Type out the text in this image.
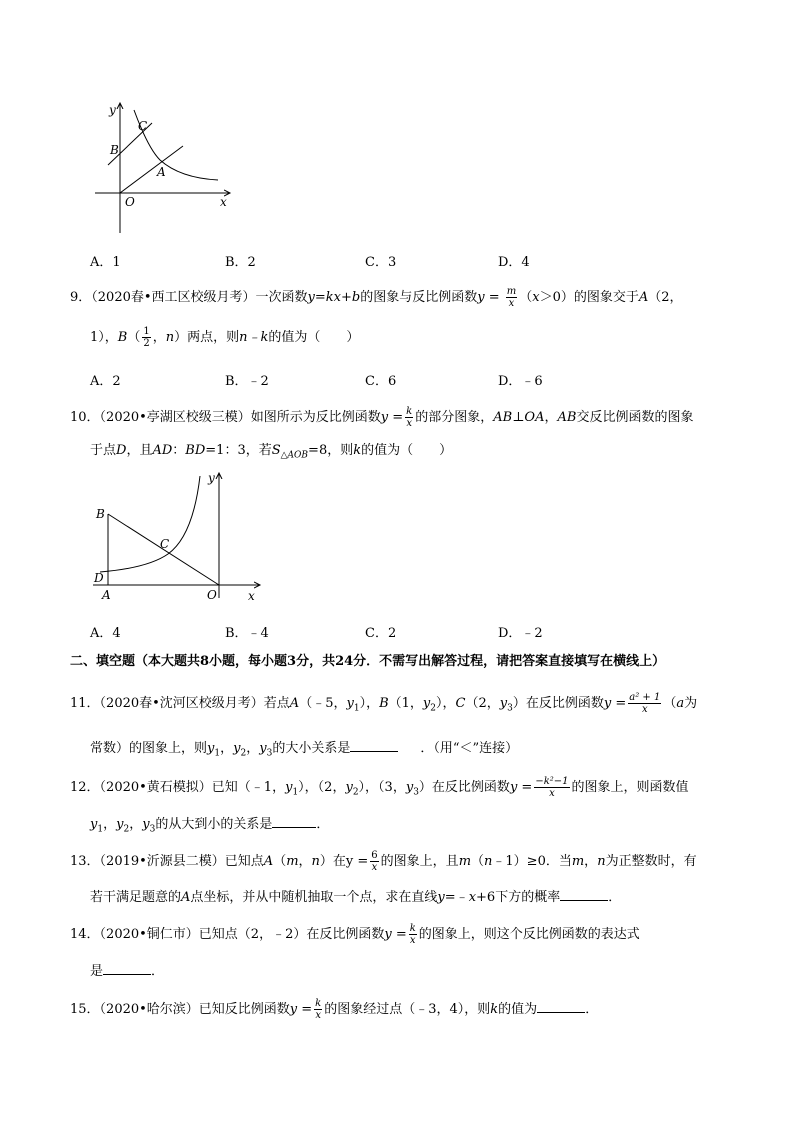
y
x
C
B
A
O
A．1	B．2	C．3	D．4
9．（2020春•西工区校级月考）一次函数y=kx+b的图象与反比例函数$y = \frac{m}{x} (x>0)$的图象交于A（2，
1），$B( \frac{1}{2}$ ，n）两点，则n﹣k的值为（　　）
A．2	B．﹣2	C．6	D．﹣6
10．（2020•亭湖区校级三模）如图所示为反比例函数$y = \frac{k}{x}$ 的部分图象，AB⊥OA，AB交反比例函数的图象
于点D，且AD：BD=1：3，若$S_{\triangle AOB}=8$，则k的值为（　　）
y
x
B
C
D
A	O
A．4	B．﹣4	C．2	D．﹣2
二、填空题（本大题共8小题，每小题3分，共24分．不需写出解答过程，请把答案直接填写在横线上）
11．（2020春•沈河区校级月考）若点A（﹣5，$y_1$），B（1，$y_2$），C（2，$y_3$）在反比例函数$y = \frac{\text{a² + 1}}{x} (a$为
常数）的图象上，则$y_1$，$y_2$，$y_3$的大小关系是	．（用“＜”连接）
12．（2020•黄石模拟）已知（﹣1，$y_1$），（2，$y_2$），（3，$y_3$）在反比例函数$y = \frac{\text{−k²−1}}{x}$ 的图象上，则函数值
$y_1$，$y_2$，$y_3$的从大到小的关系是	．
13．（2019•沂源县二模）已知点A（m，n）在$y = \frac{6}{x}$ 的图象上，且m（n﹣1）≥0．当m，n为正整数时，有
若干满足题意的A点坐标，并从中随机抽取一个点，求在直线y=﹣x+6下方的概率	．
14．（2020•铜仁市）已知点（2，﹣2）在反比例函数$y = \frac{k}{x}$ 的图象上，则这个反比例函数的表达式
是	．
15．（2020•哈尔滨）已知反比例函数$y = \frac{k}{x}$ 的图象经过点（﹣3，4），则k的值为	．
